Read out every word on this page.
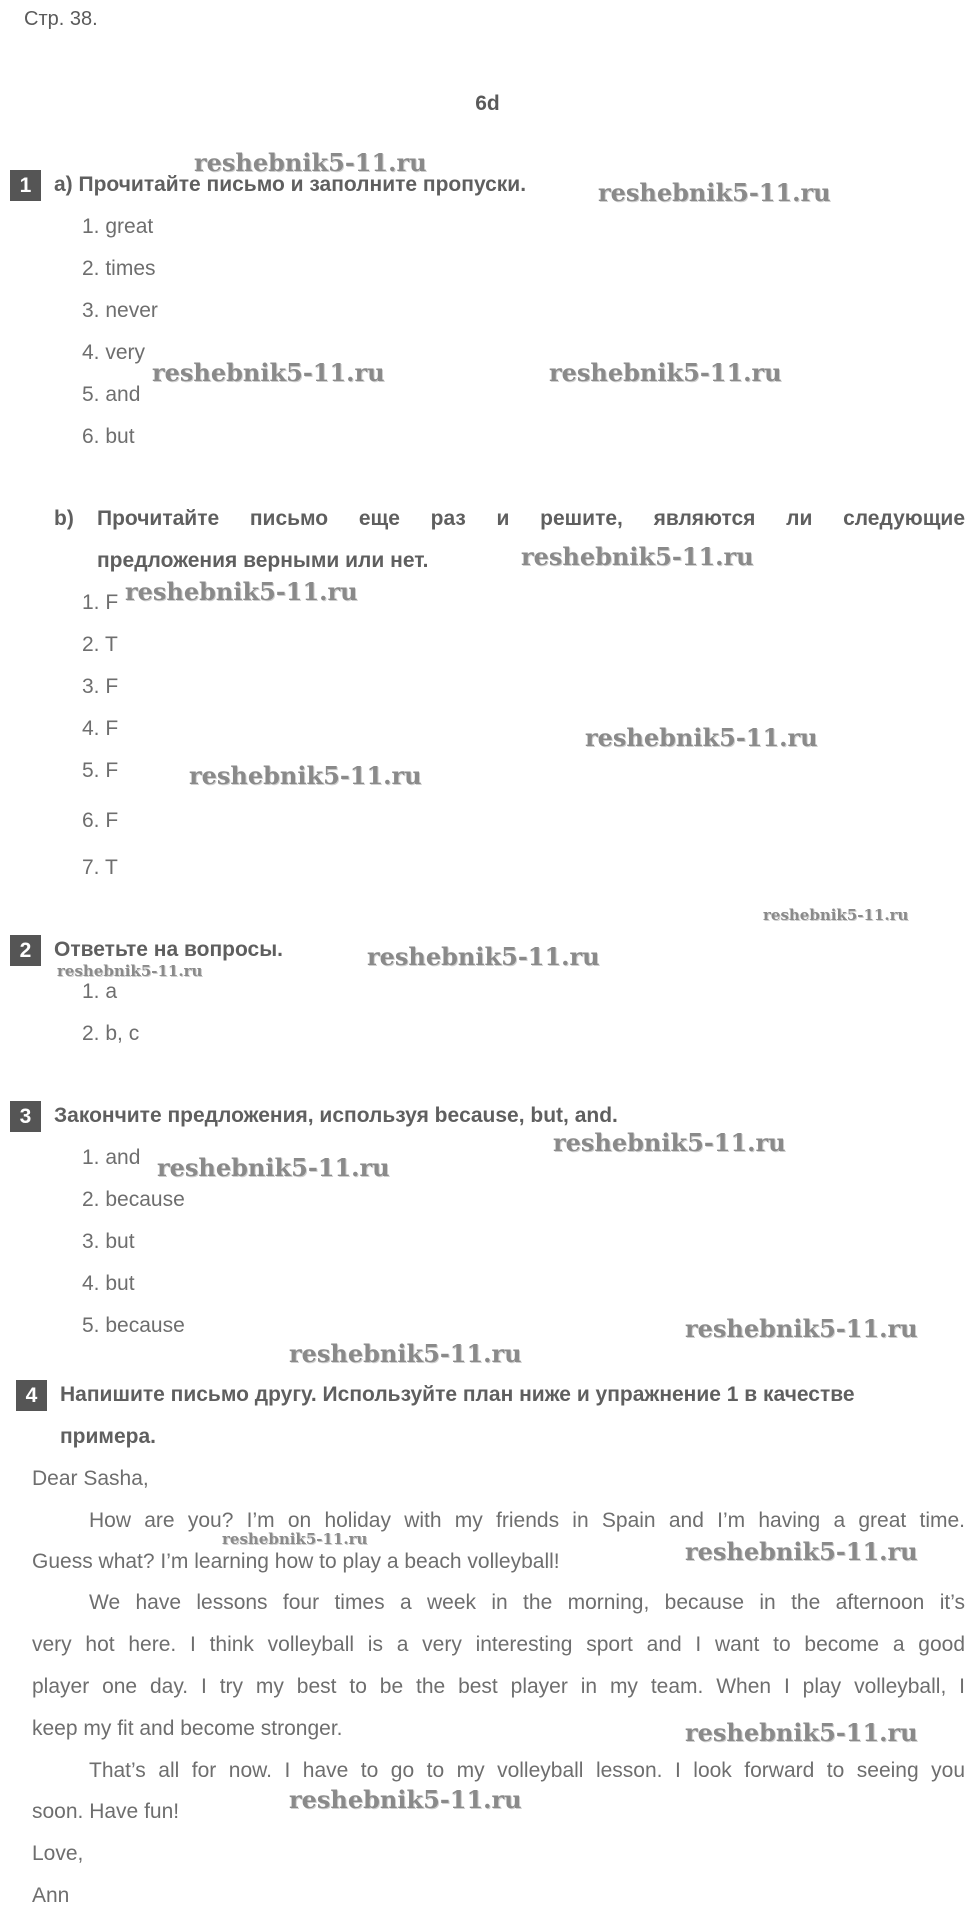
Стр. 38.
6d
1	a) Прочитайте письмо и заполните пропуски.
1. great
2. times
3. never
4. very
5. and
6. but
b) Прочитайте письмо еще раз и решите, являются ли следующие
предложения верными или нет.
1. F
2. T
3. F
4. F
5. F
6. F
7. T
2	Ответьте на вопросы.
1. a
2. b, c
3	Закончите предложения, используя because, but, and.
1. and
2. because
3. but
4. but
5. because
4	Напишите письмо другу. Используйте план ниже и упражнение 1 в качестве
примера.
Dear Sasha,
How are you? I’m on holiday with my friends in Spain and I’m having a great time.
Guess what? I’m learning how to play a beach volleyball!
We have lessons four times a week in the morning, because in the afternoon it’s
very hot here. I think volleyball is a very interesting sport and I want to become a good
player one day. I try my best to be the best player in my team. When I play volleyball, I
keep my fit and become stronger.
That’s all for now. I have to go to my volleyball lesson. I look forward to seeing you
soon. Have fun!
Love,
Ann
reshebnik5-11.ru
reshebnik5-11.ru
reshebnik5-11.ru	reshebnik5-11.ru
reshebnik5-11.ru
reshebnik5-11.ru
reshebnik5-11.ru
reshebnik5-11.ru
reshebnik5-11.ru
reshebnik5-11.ru
reshebnik5-11.ru
reshebnik5-11.ru
reshebnik5-11.ru
reshebnik5-11.ru
reshebnik5-11.ru
reshebnik5-11.ru	reshebnik5-11.ru
reshebnik5-11.ru
reshebnik5-11.ru
